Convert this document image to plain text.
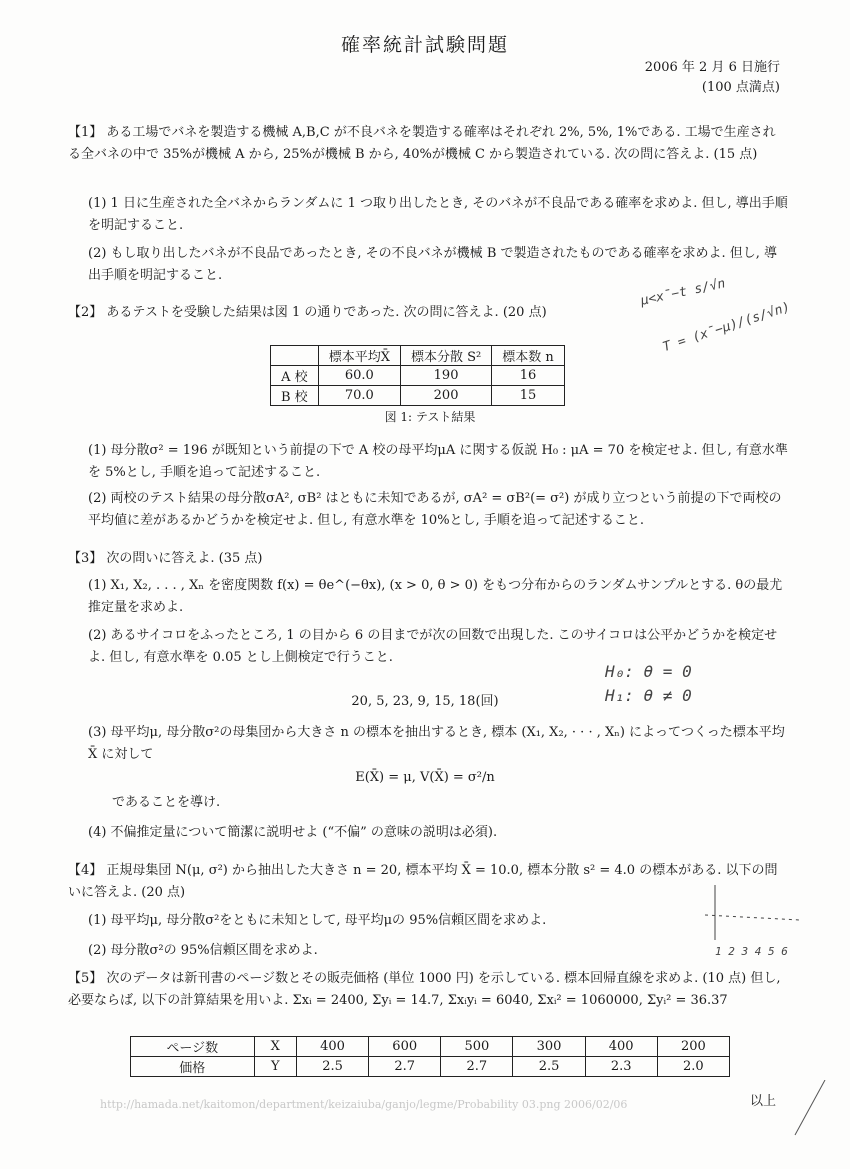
確率統計試験問題
2006 年 2 月 6 日施行
(100 点満点)
【1】 ある工場でバネを製造する機械 A,B,C が不良バネを製造する確率はそれぞれ 2%, 5%, 1%である. 工場で生産される全バネの中で 35%が機械 A から, 25%が機械 B から, 40%が機械 C から製造されている. 次の問に答えよ. (15 点)
(1) 1 日に生産された全バネからランダムに 1 つ取り出したとき, そのバネが不良品である確率を求めよ. 但し, 導出手順を明記すること.
(2) もし取り出したバネが不良品であったとき, その不良バネが機械 B で製造されたものである確率を求めよ. 但し, 導出手順を明記すること.
【2】 あるテストを受験した結果は図 1 の通りであった. 次の問に答えよ. (20 点)
	標本平均X̄	標本分散 S²	標本数 n
A 校	60.0	190	16
B 校	70.0	200	15
図 1: テスト結果
(1) 母分散σ² = 196 が既知という前提の下で A 校の母平均μA に関する仮説 H₀ : μA = 70 を検定せよ. 但し, 有意水準を 5%とし, 手順を追って記述すること.
(2) 両校のテスト結果の母分散σA², σB² はともに未知であるが, σA² = σB²(= σ²) が成り立つという前提の下で両校の平均値に差があるかどうかを検定せよ. 但し, 有意水準を 10%とし, 手順を追って記述すること.
【3】 次の問いに答えよ. (35 点)
(1) X₁, X₂, . . . , Xₙ を密度関数 f(x) = θe^(−θx), (x > 0, θ > 0) をもつ分布からのランダムサンプルとする. θの最尤推定量を求めよ.
(2) あるサイコロをふったところ, 1 の目から 6 の目までが次の回数で出現した. このサイコロは公平かどうかを検定せよ. 但し, 有意水準を 0.05 とし上側検定で行うこと.
20, 5, 23, 9, 15, 18(回)
(3) 母平均μ, 母分散σ²の母集団から大きさ n の標本を抽出するとき, 標本 (X₁, X₂, · · · , Xₙ) によってつくった標本平均X̄ に対して
E(X̄) = μ, V(X̄) = σ²/n
であることを導け.
(4) 不偏推定量について簡潔に説明せよ (“不偏” の意味の説明は必須).
【4】 正規母集団 N(μ, σ²) から抽出した大きさ n = 20, 標本平均 X̄ = 10.0, 標本分散 s² = 4.0 の標本がある. 以下の問いに答えよ. (20 点)
(1) 母平均μ, 母分散σ²をともに未知として, 母平均μの 95%信頼区間を求めよ.
(2) 母分散σ²の 95%信頼区間を求めよ.
【5】 次のデータは新刊書のページ数とその販売価格 (単位 1000 円) を示している. 標本回帰直線を求めよ. (10 点) 但し, 必要ならば, 以下の計算結果を用いよ. Σxᵢ = 2400, Σyᵢ = 14.7, Σxᵢyᵢ = 6040, Σxᵢ² = 1060000, Σyᵢ² = 36.37
ページ数	X	400	600	500	300	400	200
価格	Y	2.5	2.7	2.7	2.5	2.3	2.0
以上
http://hamada.net/kaitomon/department/keizaiuba/ganjo/legme/Probability 03.png 2006/02/06
μ<x̄−t s/√n
T = (x̄−μ)/(s/√n)
H₀: θ = 0
H₁: θ ≠ 0
1 2 3 4 5 6
